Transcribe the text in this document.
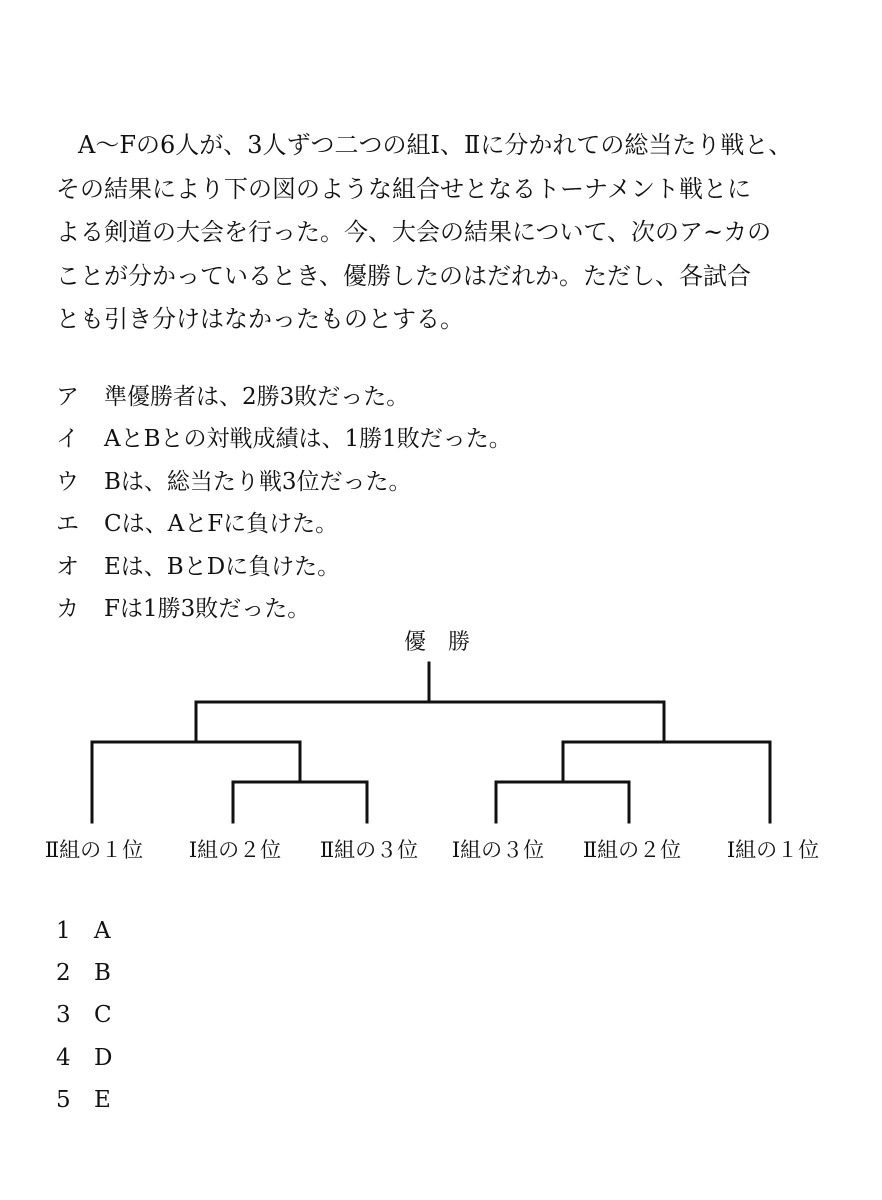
A〜Fの6人が、3人ずつ二つの組Ⅰ、Ⅱに分かれての総当たり戦と、
その結果により下の図のような組合せとなるトーナメント戦とに
よる剣道の大会を行った。今、大会の結果について、次のア~カの
ことが分かっているとき、優勝したのはだれか。ただし、各試合
とも引き分けはなかったものとする。
ア 準優勝者は、2勝3敗だった。
イ AとBとの対戦成績は、1勝1敗だった。
ウ Bは、総当たり戦3位だった。
エ Cは、AとFに負けた。
オ Eは、BとDに負けた。
カ Fは1勝3敗だった。
優勝
Ⅱ組の１位 Ⅰ組の２位 Ⅱ組の３位 Ⅰ組の３位 Ⅱ組の２位 Ⅰ組の１位
1 A
2 B
3 C
4 D
5 E
